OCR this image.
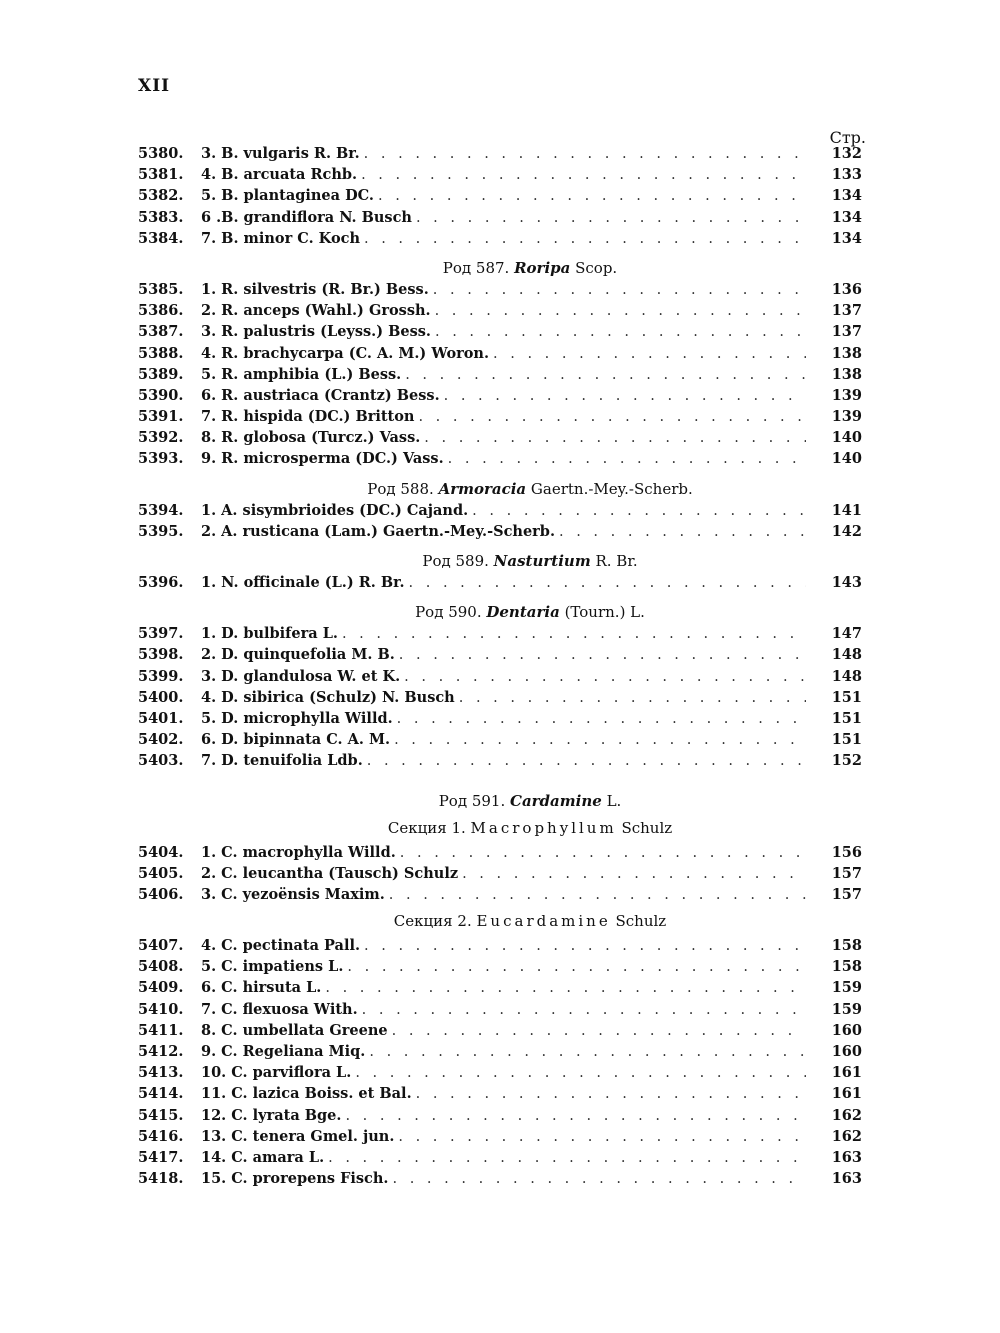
XII
Стр.
5380.	3. B. vulgaris R. Br. . . .	132
5381.	4. B. arcuata Rchb. . . .	133
5382.	5. B. plantaginea DC. . . .	134
5383.	6 .B. grandiflora N. Busch . . .	134
5384.	7. B. minor C. Koch . . .	134
Род 587. Roripa Scop.
5385.	1. R. silvestris (R. Br.) Bess. . . .	136
5386.	2. R. anceps (Wahl.) Grossh. . . .	137
5387.	3. R. palustris (Leyss.) Bess. . . .	137
5388.	4. R. brachycarpa (C. A. M.) Woron. . . .	138
5389.	5. R. amphibia (L.) Bess. . . .	138
5390.	6. R. austriaca (Crantz) Bess. . . .	139
5391.	7. R. hispida (DC.) Britton . . .	139
5392.	8. R. globosa (Turcz.) Vass. . . .	140
5393.	9. R. microsperma (DC.) Vass. . . .	140
Род 588. Armoracia Gaertn.-Mey.-Scherb.
5394.	1. A. sisymbrioides (DC.) Cajand. . . .	141
5395.	2. A. rusticana (Lam.) Gaertn.-Mey.-Scherb. . . .	142
Род 589. Nasturtium R. Br.
5396.	1. N. officinale (L.) R. Br. . . .	143
Род 590. Dentaria (Tourn.) L.
5397.	1. D. bulbifera L. . . .	147
5398.	2. D. quinquefolia M. B. . . .	148
5399.	3. D. glandulosa W. et K. . . .	148
5400.	4. D. sibirica (Schulz) N. Busch . . .	151
5401.	5. D. microphylla Willd. . . .	151
5402.	6. D. bipinnata C. A. M. . . .	151
5403.	7. D. tenuifolia Ldb. . . .	152
Род 591. Cardamine L.
Секция 1. Macrophyllum Schulz
5404.	1. C. macrophylla Willd. . . .	156
5405.	2. C. leucantha (Tausch) Schulz . . .	157
5406.	3. C. yezoënsis Maxim. . . .	157
Секция 2. Eucardamine Schulz
5407.	4. C. pectinata Pall. . . .	158
5408.	5. C. impatiens L. . . .	158
5409.	6. C. hirsuta L. . . .	159
5410.	7. C. flexuosa With. . . .	159
5411.	8. C. umbellata Greene . . .	160
5412.	9. C. Regeliana Miq. . . .	160
5413.	10. C. parviflora L. . . .	161
5414.	11. C. lazica Boiss. et Bal. . . .	161
5415.	12. C. lyrata Bge. . . .	162
5416.	13. C. tenera Gmel. jun. . . .	162
5417.	14. C. amara L. . . .	163
5418.	15. C. prorepens Fisch. . . .	163
